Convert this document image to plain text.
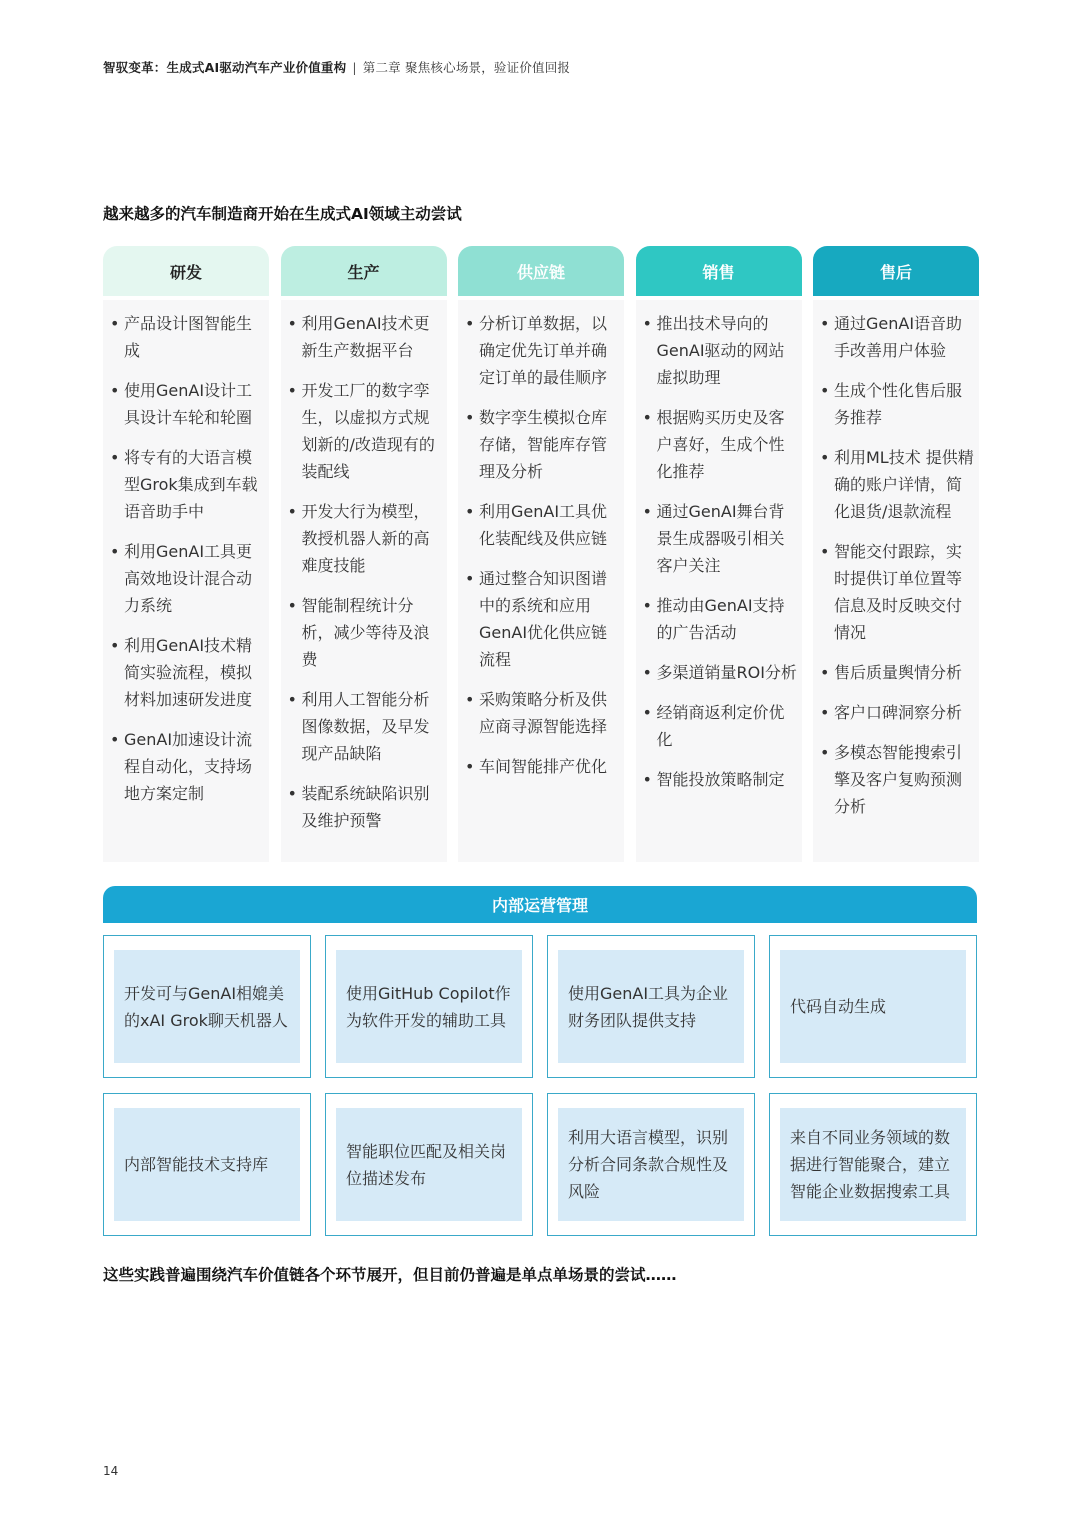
智驭变革：生成式AI驱动汽车产业价值重构 | 第二章 聚焦核心场景，验证价值回报
越来越多的汽车制造商开始在生成式AI领域主动尝试
研发
• 产品设计图智能生成
• 使用GenAI设计工具设计车轮和轮圈
• 将专有的大语言模型Grok集成到车载语音助手中
• 利用GenAI工具更高效地设计混合动力系统
• 利用GenAI技术精简实验流程，模拟材料加速研发进度
• GenAI加速设计流程自动化，支持场地方案定制
生产
• 利用GenAI技术更新生产数据平台
• 开发工厂的数字孪生，以虚拟方式规划新的/改造现有的装配线
• 开发大行为模型，教授机器人新的高难度技能
• 智能制程统计分析，减少等待及浪费
• 利用人工智能分析图像数据，及早发现产品缺陷
• 装配系统缺陷识别及维护预警
供应链
• 分析订单数据，以确定优先订单并确定订单的最佳顺序
• 数字孪生模拟仓库存储，智能库存管理及分析
• 利用GenAI工具优化装配线及供应链
• 通过整合知识图谱中的系统和应用GenAI优化供应链流程
• 采购策略分析及供应商寻源智能选择
• 车间智能排产优化
销售
• 推出技术导向的GenAI驱动的网站虚拟助理
• 根据购买历史及客户喜好，生成个性化推荐
• 通过GenAI舞台背景生成器吸引相关客户关注
• 推动由GenAI支持的广告活动
• 多渠道销量ROI分析
• 经销商返利定价优化
• 智能投放策略制定
售后
• 通过GenAI语音助手改善用户体验
• 生成个性化售后服务推荐
• 利用ML技术 提供精确的账户详情，简化退货/退款流程
• 智能交付跟踪，实时提供订单位置等信息及时反映交付情况
• 售后质量舆情分析
• 客户口碑洞察分析
• 多模态智能搜索引擎及客户复购预测分析
内部运营管理
开发可与GenAI相媲美的xAI Grok聊天机器人
使用GitHub Copilot作为软件开发的辅助工具
使用GenAI工具为企业财务团队提供支持
代码自动生成
内部智能技术支持库
智能职位匹配及相关岗位描述发布
利用大语言模型，识别分析合同条款合规性及风险
来自不同业务领域的数据进行智能聚合，建立智能企业数据搜索工具
这些实践普遍围绕汽车价值链各个环节展开，但目前仍普遍是单点单场景的尝试……
14
